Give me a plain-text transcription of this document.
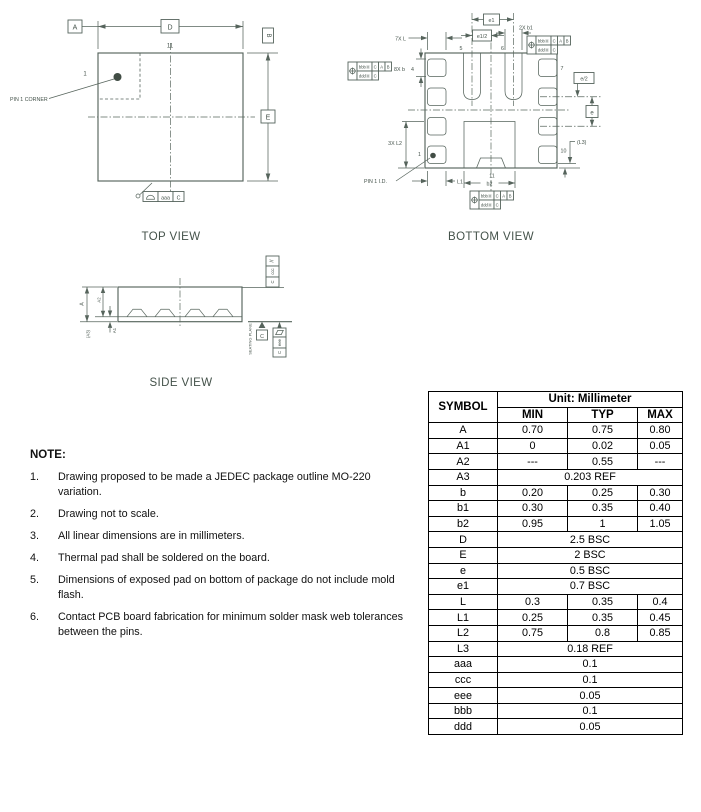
A	D
11
1
PIN 1 CORNER
E
B
aaa C
TOP VIEW
e1
e1/2
7X L
2X b1
bbbⓂ C A B
dddⓂ C
bbbⓂ C A B
dddⓂ C
8X b 4
e/2
e
3X L2
5	6
7
10
1
11
PIN 1 I.D.	L1	b2
(L3)
bbbⓂ C A B
dddⓂ C
BOTTOM VIEW
A
A2
A1
(A3)
//
ccc
C
C
SEATING PLANE	eee
C
SIDE VIEW
NOTE:
1.	Drawing proposed to be made a JEDEC package outline MO-220 variation.
2.	Drawing not to scale.
3.	All linear dimensions are in millimeters.
4.	Thermal pad shall be soldered on the board.
5.	Dimensions of exposed pad on bottom of package do not include mold flash.
6.	Contact PCB board fabrication for minimum solder mask web tolerances between the pins.
SYMBOL	Unit: Millimeter		
	MIN	TYP	MAX
A	0.70	0.75	0.80
A1	0	0.02	0.05
A2	---	0.55	---
A3	0.203 REF		
b	0.20	0.25	0.30
b1	0.30	0.35	0.40
b2	0.95	1	1.05
D	2.5 BSC		
E	2 BSC		
e	0.5 BSC		
e1	0.7 BSC		
L	0.3	0.35	0.4
L1	0.25	0.35	0.45
L2	0.75	0.8	0.85
L3	0.18 REF		
aaa	0.1		
ccc	0.1		
eee	0.05		
bbb	0.1		
ddd	0.05		
